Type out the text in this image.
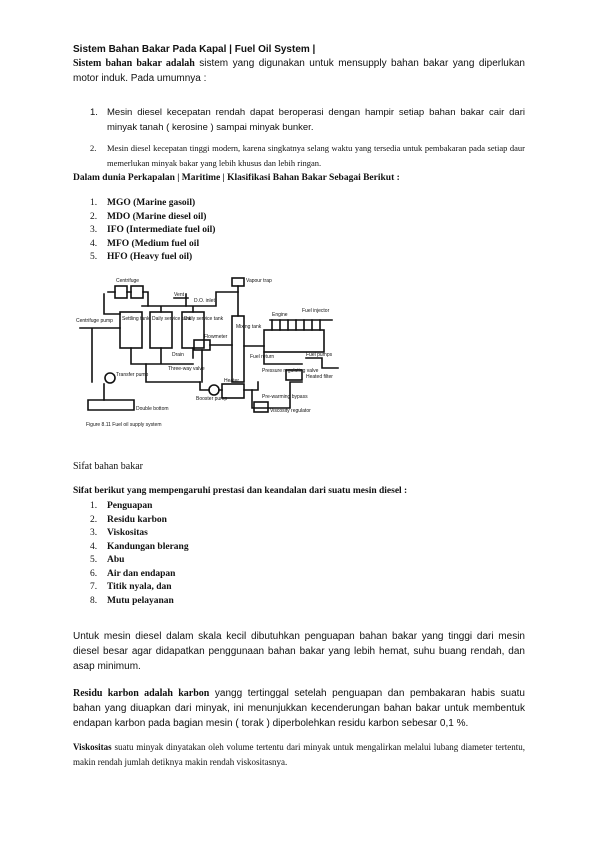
Sistem Bahan Bakar Pada Kapal | Fuel Oil System |
Sistem bahan bakar adalah sistem yang digunakan untuk mensupply bahan bakar yang diperlukan motor induk. Pada umumnya :
1. Mesin diesel kecepatan rendah dapat beroperasi dengan hampir setiap bahan bakar cair dari minyak tanah ( kerosine ) sampai minyak bunker.
2. Mesin diesel kecepatan tinggi modern, karena singkatnya selang waktu yang tersedia untuk pembakaran pada setiap daur memerlukan minyak bakar yang lebih khusus dan lebih ringan.
Dalam dunia Perkapalan | Maritime | Klasifikasi Bahan Bakar Sebagai Berikut :
1. MGO (Marine gasoil)
2. MDO (Marine diesel oil)
3. IFO (Intermediate fuel oil)
4. MFO (Medium fuel oil
5. HFO (Heavy fuel oil)
Centrifuge
Vent
D.O. inlet
Vapour trap
Centrifuge pump Settling tank Daily service tank
Daily service tank
Mixing tank
Drain
Flowmeter
Engine
Fuel injector
Fuel return	Fuel pumps
Three-way valve	Pressure regulating valve
Heated filter
Transfer pump
Booster pump
Heater
Pre-warming bypass
Viscosity regulator
Double bottom
Figure 8.11 Fuel oil supply system
Sifat bahan bakar
Sifat berikut yang mempengaruhi prestasi dan keandalan dari suatu mesin diesel :
1. Penguapan
2. Residu karbon
3. Viskositas
4. Kandungan blerang
5. Abu
6. Air dan endapan
7. Titik nyala, dan
8. Mutu pelayanan
Untuk mesin diesel dalam skala kecil dibutuhkan penguapan bahan bakar yang tinggi dari mesin diesel besar agar didapatkan penggunaan bahan bakar yang lebih hemat, suhu buang rendah, dan asap minimum.
Residu karbon adalah karbon yangg tertinggal setelah penguapan dan pembakaran habis suatu bahan yang diuapkan dari minyak, ini menunjukkan kecenderungan bahan bakar untuk membentuk endapan karbon pada bagian mesin ( torak ) diperbolehkan residu karbon sebesar 0,1 %.
Viskositas suatu minyak dinyatakan oleh volume tertentu dari minyak untuk mengalirkan melalui lubang diameter tertentu, makin rendah jumlah detiknya makin rendah viskositasnya.
